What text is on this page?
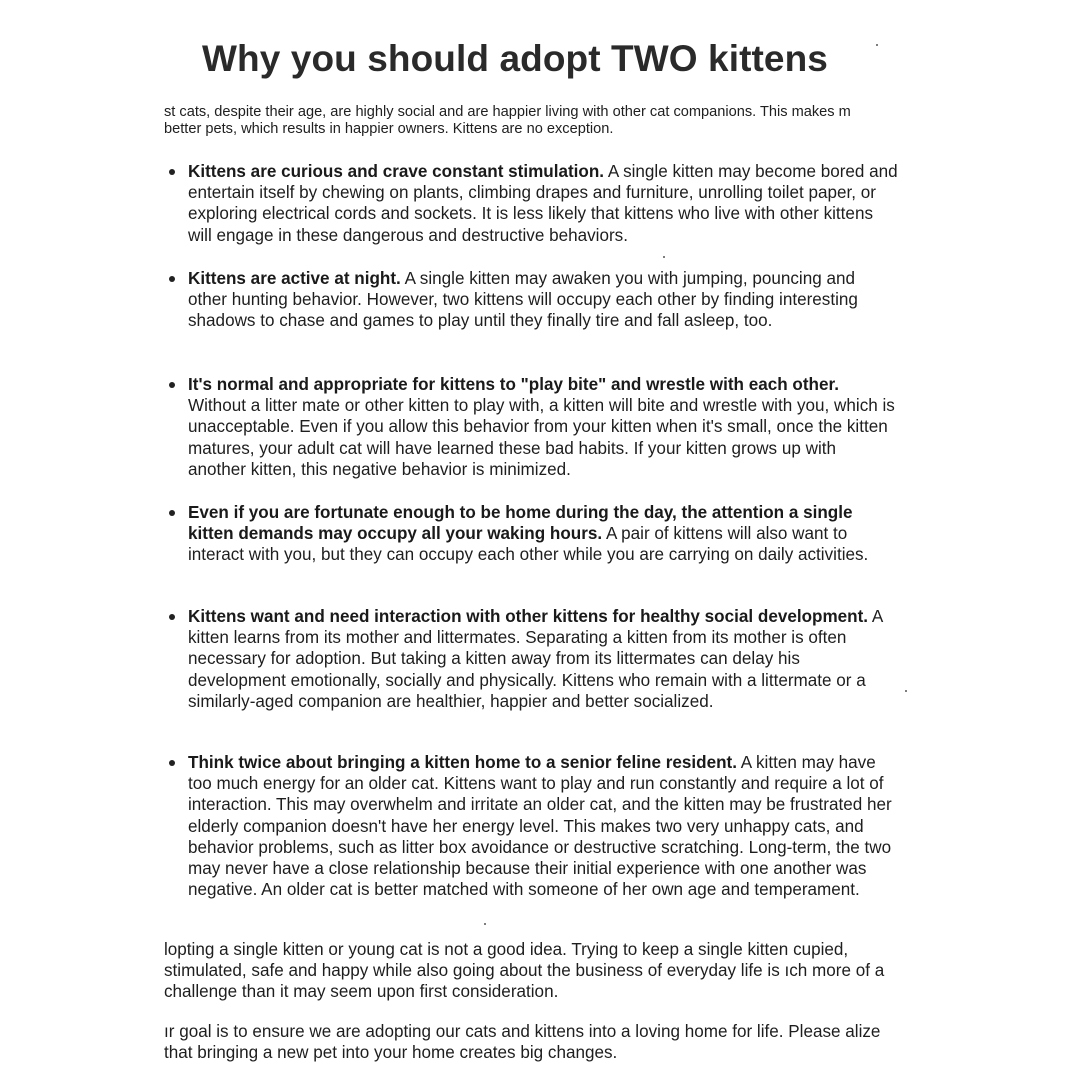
Why you should adopt TWO kittens

st cats, despite their age, are highly social and are happier living with other cat companions. This makes m better pets, which results in happier owners. Kittens are no exception.

Kittens are curious and crave constant stimulation. A single kitten may become bored and entertain itself by chewing on plants, climbing drapes and furniture, unrolling toilet paper, or exploring electrical cords and sockets. It is less likely that kittens who live with other kittens will engage in these dangerous and destructive behaviors.
Kittens are active at night. A single kitten may awaken you with jumping, pouncing and other hunting behavior. However, two kittens will occupy each other by finding interesting shadows to chase and games to play until they finally tire and fall asleep, too.
It's normal and appropriate for kittens to "play bite" and wrestle with each other. Without a litter mate or other kitten to play with, a kitten will bite and wrestle with you, which is unacceptable. Even if you allow this behavior from your kitten when it's small, once the kitten matures, your adult cat will have learned these bad habits. If your kitten grows up with another kitten, this negative behavior is minimized.
Even if you are fortunate enough to be home during the day, the attention a single kitten demands may occupy all your waking hours. A pair of kittens will also want to interact with you, but they can occupy each other while you are carrying on daily activities.
Kittens want and need interaction with other kittens for healthy social development. A kitten learns from its mother and littermates. Separating a kitten from its mother is often necessary for adoption. But taking a kitten away from its littermates can delay his development emotionally, socially and physically. Kittens who remain with a littermate or a similarly-aged companion are healthier, happier and better socialized.
Think twice about bringing a kitten home to a senior feline resident. A kitten may have too much energy for an older cat. Kittens want to play and run constantly and require a lot of interaction. This may overwhelm and irritate an older cat, and the kitten may be frustrated her elderly companion doesn't have her energy level. This makes two very unhappy cats, and behavior problems, such as litter box avoidance or destructive scratching. Long-term, the two may never have a close relationship because their initial experience with one another was negative. An older cat is better matched with someone of her own age and temperament.

lopting a single kitten or young cat is not a good idea. Trying to keep a single kitten cupied, stimulated, safe and happy while also going about the business of everyday life is ıch more of a challenge than it may seem upon first consideration.

ır goal is to ensure we are adopting our cats and kittens into a loving home for life. Please alize that bringing a new pet into your home creates big changes.
